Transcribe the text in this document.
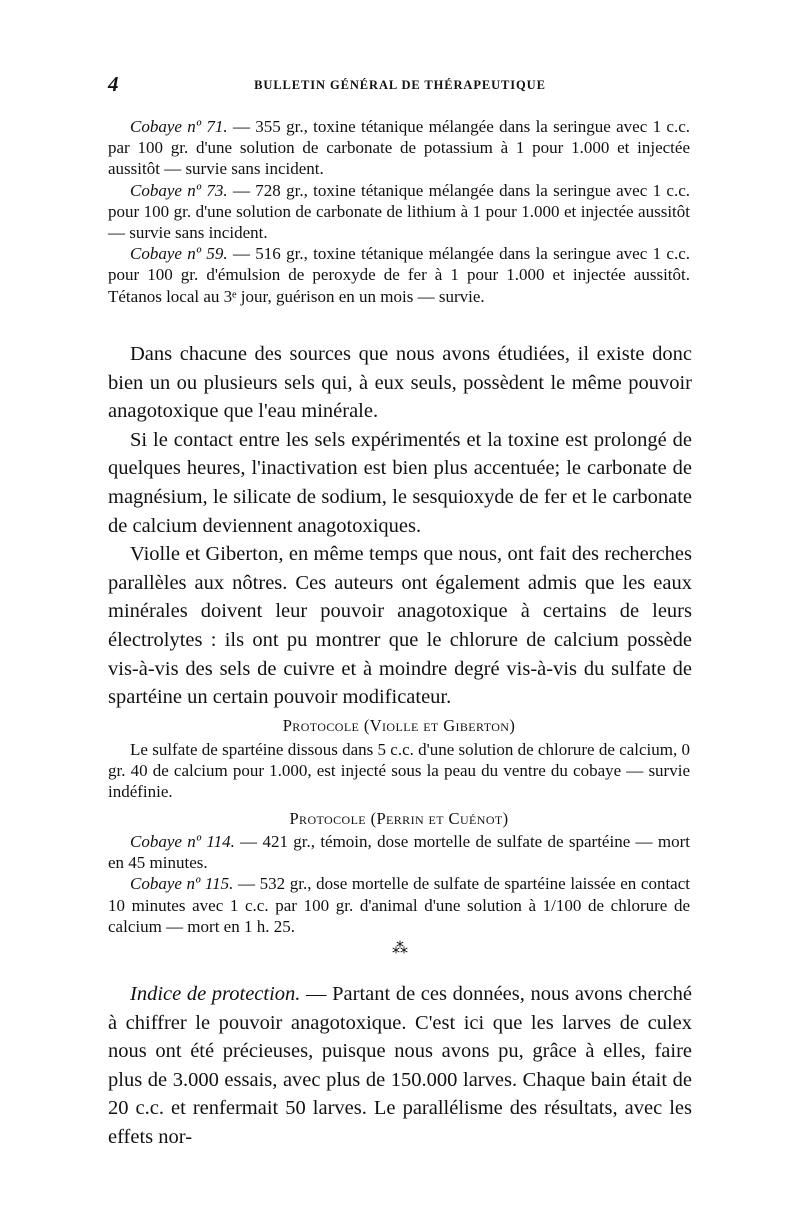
4	BULLETIN GÉNÉRAL DE THÉRAPEUTIQUE

Cobaye nº 71. — 355 gr., toxine tétanique mélangée dans la seringue avec 1 c.c. par 100 gr. d'une solution de carbonate de potassium à 1 pour 1.000 et injectée aussitôt — survie sans incident.

Cobaye nº 73. — 728 gr., toxine tétanique mélangée dans la seringue avec 1 c.c. pour 100 gr. d'une solution de carbonate de lithium à 1 pour 1.000 et injectée aussitôt — survie sans incident.

Cobaye nº 59. — 516 gr., toxine tétanique mélangée dans la seringue avec 1 c.c. pour 100 gr. d'émulsion de peroxyde de fer à 1 pour 1.000 et injectée aussitôt. Tétanos local au 3ᵉ jour, guérison en un mois — survie.

Dans chacune des sources que nous avons étudiées, il existe donc bien un ou plusieurs sels qui, à eux seuls, possèdent le même pouvoir anagotoxique que l'eau minérale.

Si le contact entre les sels expérimentés et la toxine est prolongé de quelques heures, l'inactivation est bien plus accentuée; le carbonate de magnésium, le silicate de sodium, le sesquioxyde de fer et le carbonate de calcium deviennent anagotoxiques.

Violle et Giberton, en même temps que nous, ont fait des recherches parallèles aux nôtres. Ces auteurs ont également admis que les eaux minérales doivent leur pouvoir anagotoxique à certains de leurs électrolytes : ils ont pu montrer que le chlorure de calcium possède vis-à-vis des sels de cuivre et à moindre degré vis-à-vis du sulfate de spartéine un certain pouvoir modificateur.

Protocole (Violle et Giberton)

Le sulfate de spartéine dissous dans 5 c.c. d'une solution de chlorure de calcium, 0 gr. 40 de calcium pour 1.000, est injecté sous la peau du ventre du cobaye — survie indéfinie.

Protocole (Perrin et Cuénot)

Cobaye nº 114. — 421 gr., témoin, dose mortelle de sulfate de spartéine — mort en 45 minutes.

Cobaye nº 115. — 532 gr., dose mortelle de sulfate de spartéine laissée en contact 10 minutes avec 1 c.c. par 100 gr. d'animal d'une solution à 1/100 de chlorure de calcium — mort en 1 h. 25.

⁂

Indice de protection. — Partant de ces données, nous avons cherché à chiffrer le pouvoir anagotoxique. C'est ici que les larves de culex nous ont été précieuses, puisque nous avons pu, grâce à elles, faire plus de 3.000 essais, avec plus de 150.000 larves. Chaque bain était de 20 c.c. et renfermait 50 larves. Le parallélisme des résultats, avec les effets nor-
